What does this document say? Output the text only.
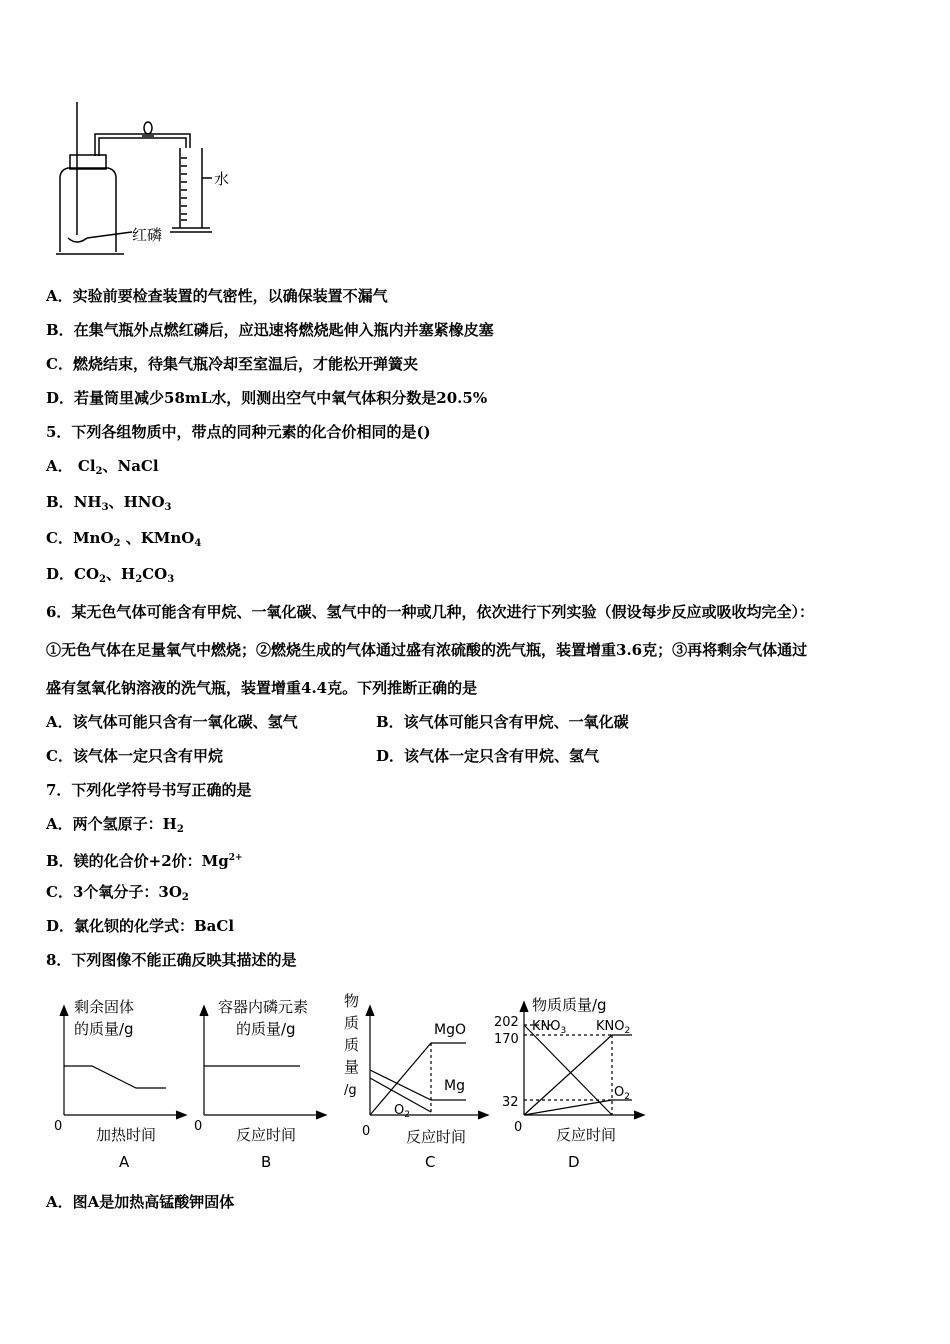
水
红磷
A．实验前要检查装置的气密性，以确保装置不漏气
B．在集气瓶外点燃红磷后，应迅速将燃烧匙伸入瓶内并塞紧橡皮塞
C．燃烧结束，待集气瓶冷却至室温后，才能松开弹簧夹
D．若量筒里减少58mL水，则测出空气中氧气体积分数是20.5%
5．下列各组物质中，带点的同种元素的化合价相同的是()
A． $Cl_2$、NaCl
B．$NH_3$、$HNO_3$
C．MnO$_2$ 、KMnO$_4$
D．$CO_2$、$H_2CO_3$
6．某无色气体可能含有甲烷、一氧化碳、氢气中的一种或几种，依次进行下列实验（假设每步反应或吸收均完全）：
①无色气体在足量氧气中燃烧；②燃烧生成的气体通过盛有浓硫酸的洗气瓶，装置增重3.6克；③再将剩余气体通过
盛有氢氧化钠溶液的洗气瓶，装置增重4.4克。下列推断正确的是
A．该气体可能只含有一氧化碳、氢气	B．该气体可能只含有甲烷、一氧化碳
C．该气体一定只含有甲烷	D．该气体一定只含有甲烷、氢气
7．下列化学符号书写正确的是
A．两个氢原子：$H_2$
B．镁的化合价+2价：$Mg^{2+}$
C．3个氧分子：$3O_2$
D．氯化钡的化学式：BaCl
8．下列图像不能正确反映其描述的是
剩余固体
的质量/g
0 加热时间
A
容器内磷元素
的质量/g
0 反应时间
B
物
质
质
量
/g
MgO
Mg
$O_2$
0 反应时间
C
物质质量/g
202
170
32
$KNO_3$ $KNO_2$
$O_2$
0 反应时间
D
A．图A是加热高锰酸钾固体
